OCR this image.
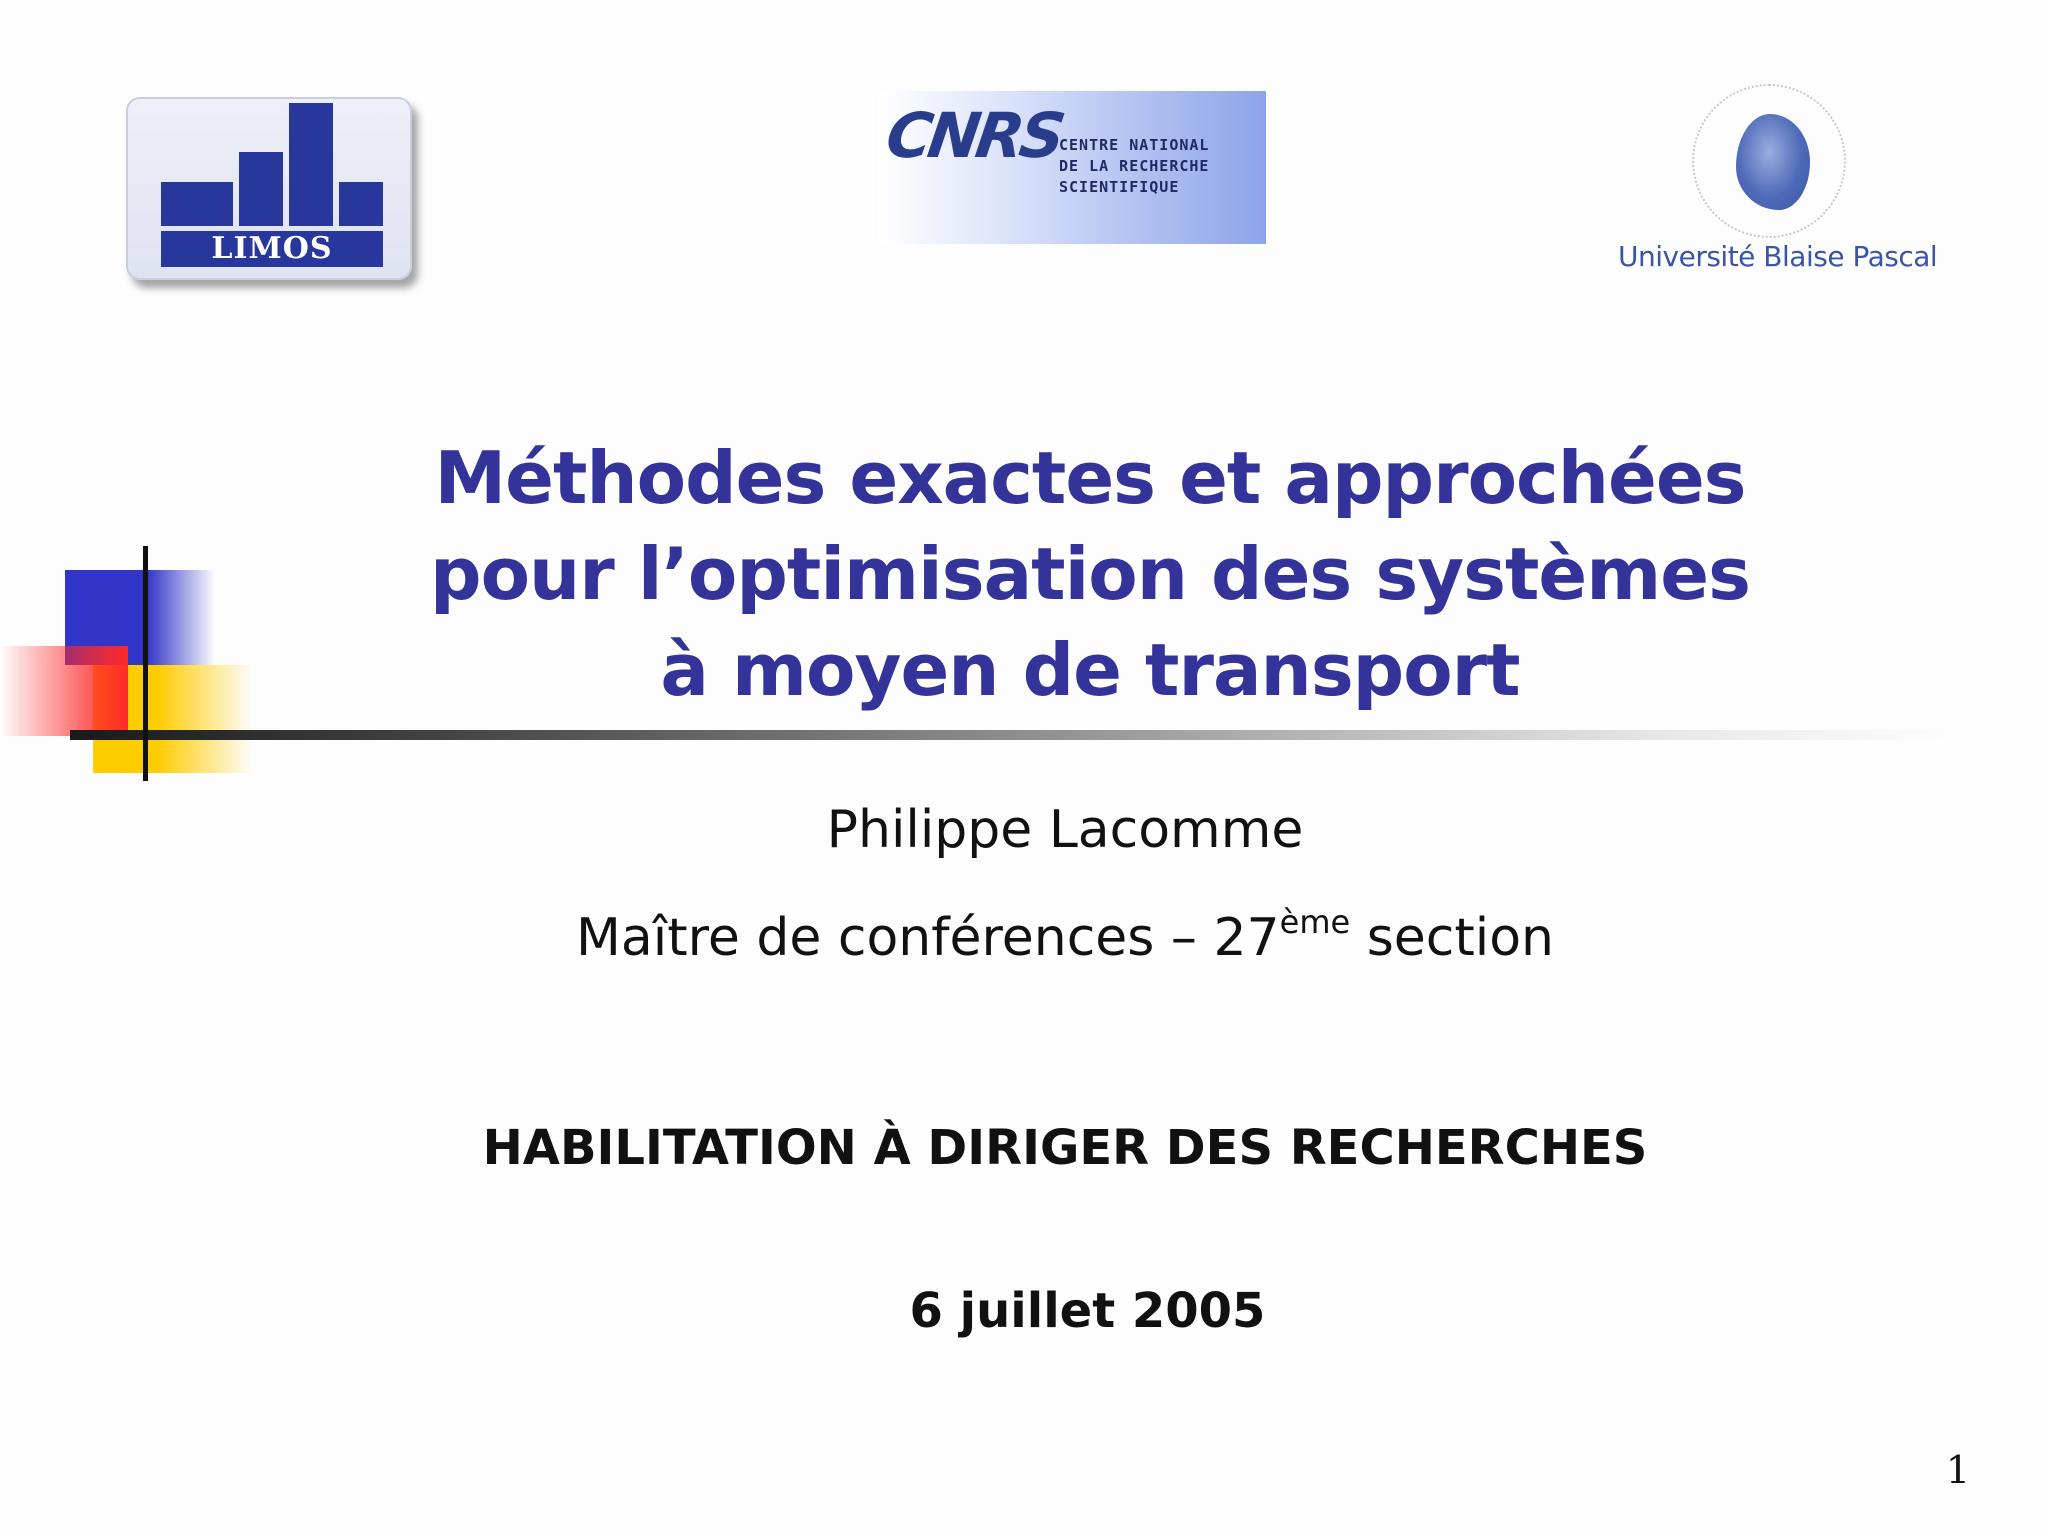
LIMOS
CNRS
CENTRE NATIONAL
DE LA RECHERCHE
SCIENTIFIQUE
Université Blaise Pascal
Méthodes exactes et approchées
pour l’optimisation des systèmes
à moyen de transport
Philippe Lacomme
Maître de conférences – 27ème section
HABILITATION À DIRIGER DES RECHERCHES
6 juillet 2005
1
